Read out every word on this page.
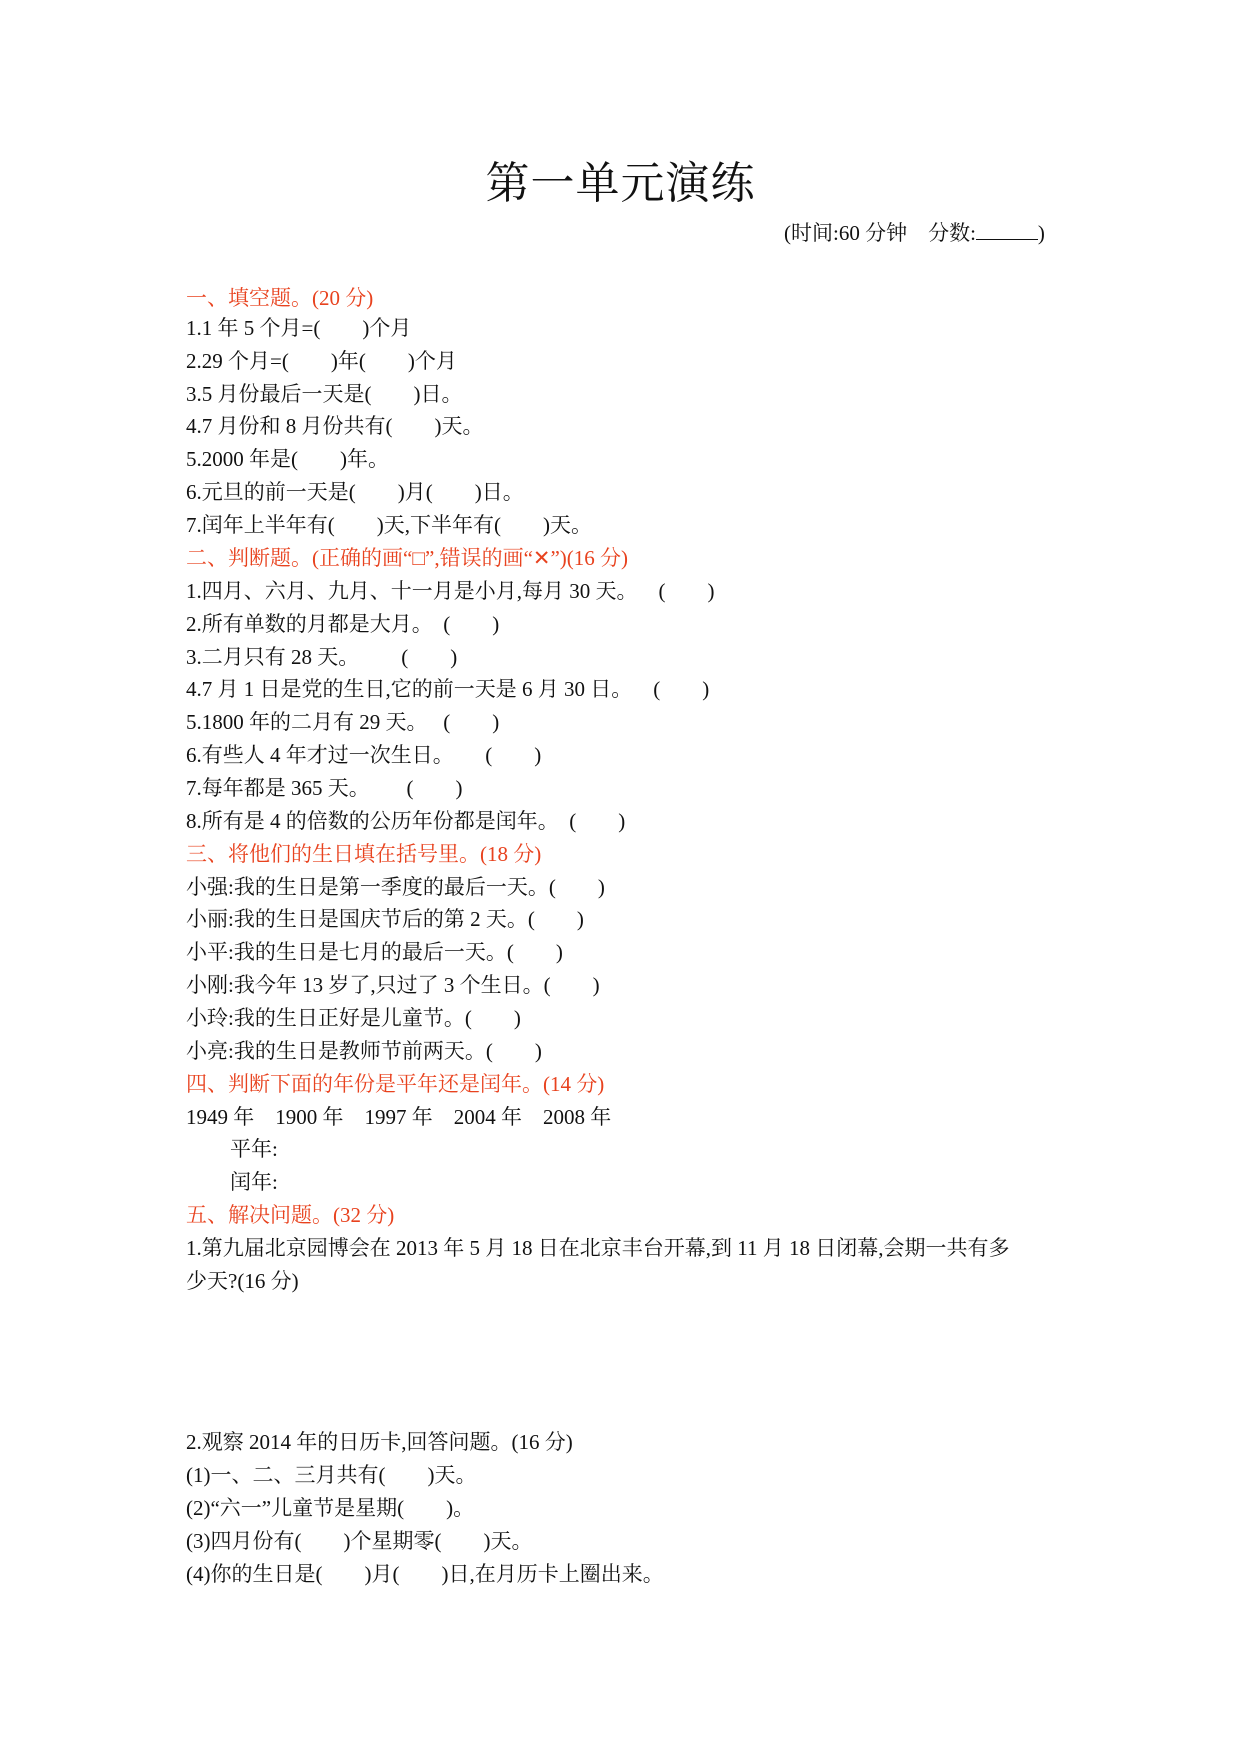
第一单元演练
(时间:60 分钟 分数:	)
一、填空题。(20 分)
1.1 年 5 个月=(        )个月
2.29 个月=(        )年(        )个月
3.5 月份最后一天是(        )日。
4.7 月份和 8 月份共有(        )天。
5.2000 年是(        )年。
6.元旦的前一天是(        )月(        )日。
7.闰年上半年有(        )天,下半年有(        )天。
二、判断题。(正确的画“□”,错误的画“✕”)(16 分)
1.四月、六月、九月、十一月是小月,每月 30 天。    (        )
2.所有单数的月都是大月。  (        )
3.二月只有 28 天。        (        )
4.7 月 1 日是党的生日,它的前一天是 6 月 30 日。    (        )
5.1800 年的二月有 29 天。   (        )
6.有些人 4 年才过一次生日。      (        )
7.每年都是 365 天。       (        )
8.所有是 4 的倍数的公历年份都是闰年。  (        )
三、将他们的生日填在括号里。(18 分)
小强:我的生日是第一季度的最后一天。(        )
小丽:我的生日是国庆节后的第 2 天。(        )
小平:我的生日是七月的最后一天。(        )
小刚:我今年 13 岁了,只过了 3 个生日。(        )
小玲:我的生日正好是儿童节。(        )
小亮:我的生日是教师节前两天。(        )
四、判断下面的年份是平年还是闰年。(14 分)
1949 年    1900 年    1997 年    2004 年    2008 年
平年:
闰年:
五、解决问题。(32 分)
1.第九届北京园博会在 2013 年 5 月 18 日在北京丰台开幕,到 11 月 18 日闭幕,会期一共有多
少天?(16 分)
2.观察 2014 年的日历卡,回答问题。(16 分)
(1)一、二、三月共有(        )天。
(2)“六一”儿童节是星期(        )。
(3)四月份有(        )个星期零(        )天。
(4)你的生日是(        )月(        )日,在月历卡上圈出来。
